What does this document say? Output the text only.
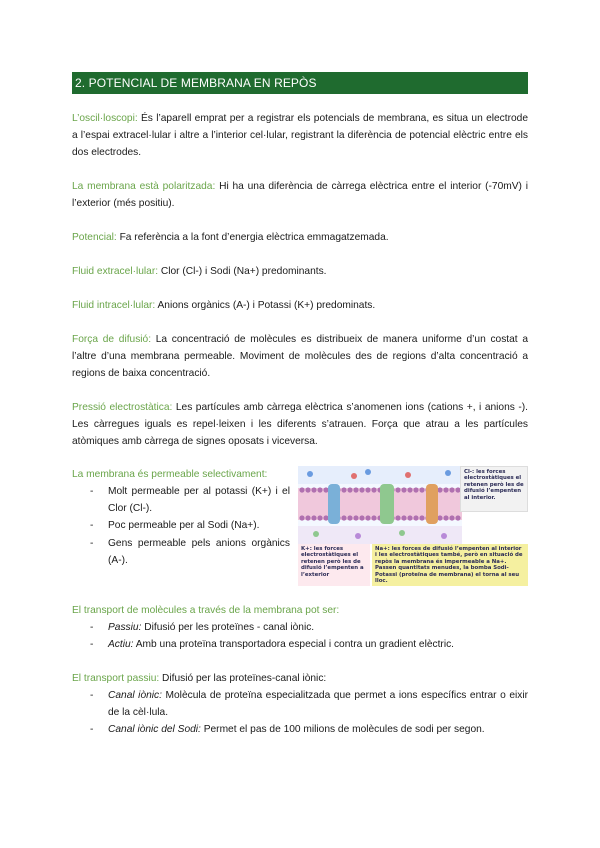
2. POTENCIAL DE MEMBRANA EN REPÒS
L’oscil·loscopi: És l’aparell emprat per a registrar els potencials de membrana, es situa un electrode a l’espai extracel·lular i altre a l’interior cel·lular, registrant la diferència de potencial elèctric entre els dos electrodes.
La membrana està polaritzada: Hi ha una diferència de càrrega elèctrica entre el interior (-70mV) i l’exterior (més positiu).
Potencial: Fa referència a la font d’energia elèctrica emmagatzemada.
Fluid extracel·lular: Clor (Cl-) i Sodi (Na+) predominants.
Fluid intracel·lular: Anions orgànics (A-) i Potassi (K+) predominats.
Força de difusió: La concentració de molècules es distribueix de manera uniforme d’un costat a l’altre d’una membrana permeable. Moviment de molècules des de regions d’alta concentració a regions de baixa concentració.
Pressió electrostàtica: Les partícules amb càrrega elèctrica s’anomenen ions (cations +, i anions -). Les càrregues iguals es repel·leixen i les diferents s’atrauen. Força que atrau a les partícules atòmiques amb càrrega de signes oposats i viceversa.
La membrana és permeable selectivament:
- Molt permeable per al potassi (K+) i el Clor (Cl-).
- Poc permeable per al Sodi (Na+).
- Gens permeable pels anions orgànics (A-).
Cl-: les forces electrostàtiques el retenen però les de difusió l’empenten al interior.
K+: les forces electrostàtiques el retenen però les de difusió l’empenten a l’exterior
Na+: les forces de difusió l’empenten al interior i les electrostàtiques també, però en situació de repòs la membrana és impermeable a Na+. Passen quantitats menudes, la bomba Sodi-Potassi (proteïna de membrana) el torna al seu lloc.
El transport de molècules a través de la membrana pot ser:
- Passiu: Difusió per les proteïnes - canal iònic.
- Actiu: Amb una proteïna transportadora especial i contra un gradient elèctric.
El transport passiu: Difusió per las proteïnes-canal iònic:
- Canal iònic: Molècula de proteïna especialitzada que permet a ions específics entrar o eixir de la cèl·lula.
- Canal iònic del Sodi: Permet el pas de 100 milions de molècules de sodi per segon.
